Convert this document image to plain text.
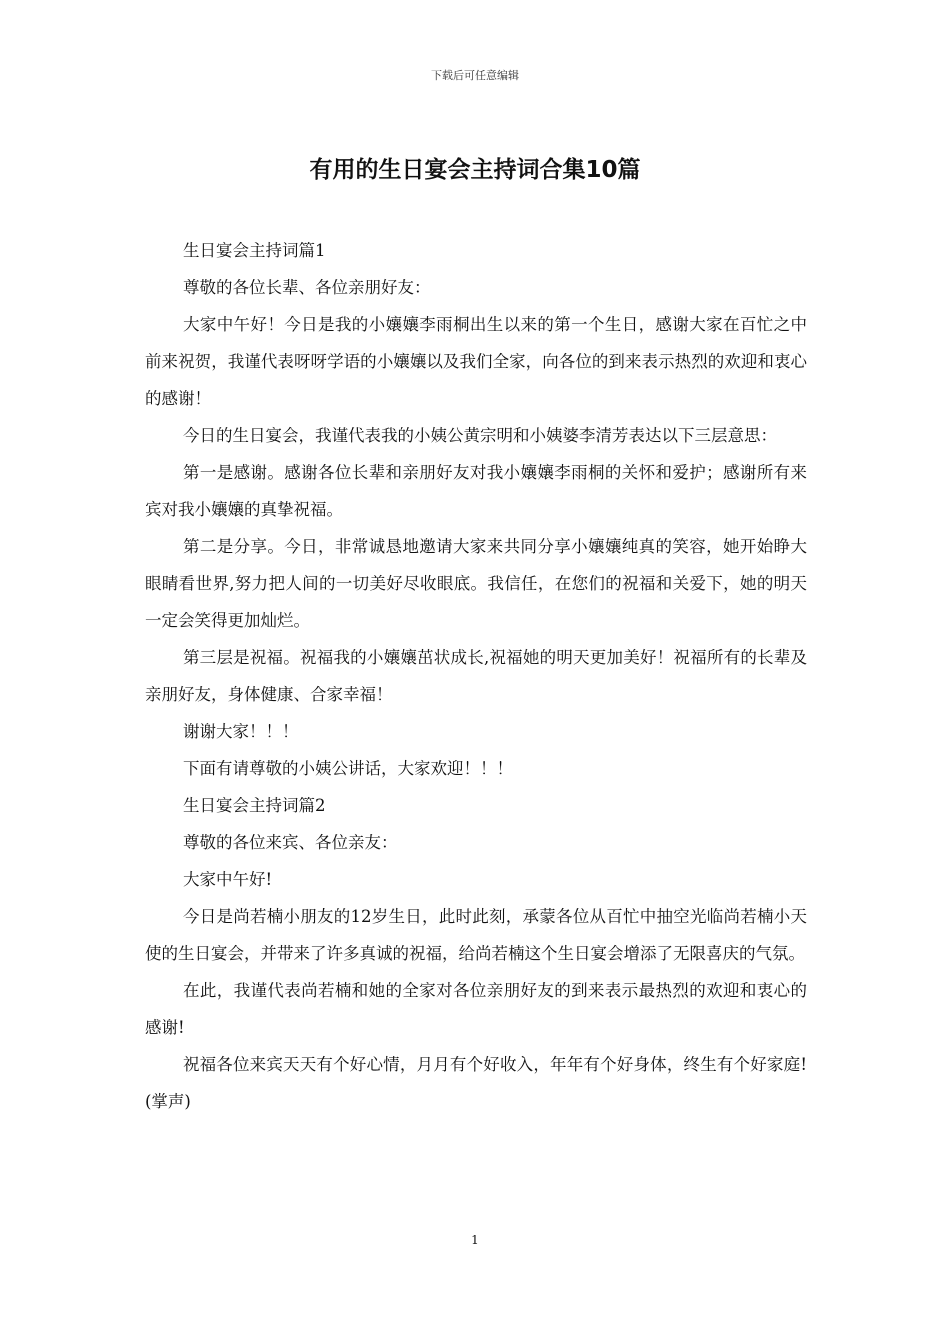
下载后可任意编辑
有用的生日宴会主持词合集10篇

生日宴会主持词篇1

尊敬的各位长辈、各位亲朋好友：

大家中午好！今日是我的小孃孃李雨桐出生以来的第一个生日，感谢大家在百忙之中前来祝贺，我谨代表呀呀学语的小孃孃以及我们全家，向各位的到来表示热烈的欢迎和衷心的感谢！

今日的生日宴会，我谨代表我的小姨公黄宗明和小姨婆李清芳表达以下三层意思：

第一是感谢。感谢各位长辈和亲朋好友对我小孃孃李雨桐的关怀和爱护；感谢所有来宾对我小孃孃的真挚祝福。

第二是分享。今日，非常诚恳地邀请大家来共同分享小孃孃纯真的笑容，她开始睁大眼睛看世界,努力把人间的一切美好尽收眼底。我信任，在您们的祝福和关爱下，她的明天一定会笑得更加灿烂。

第三层是祝福。祝福我的小孃孃茁状成长,祝福她的明天更加美好！祝福所有的长辈及亲朋好友，身体健康、合家幸福！

谢谢大家！！！

下面有请尊敬的小姨公讲话，大家欢迎！！！

生日宴会主持词篇2

尊敬的各位来宾、各位亲友：

大家中午好!

今日是尚若楠小朋友的12岁生日，此时此刻，承蒙各位从百忙中抽空光临尚若楠小天使的生日宴会，并带来了许多真诚的祝福，给尚若楠这个生日宴会增添了无限喜庆的气氛。

在此，我谨代表尚若楠和她的全家对各位亲朋好友的到来表示最热烈的欢迎和衷心的感谢!

祝福各位来宾天天有个好心情，月月有个好收入，年年有个好身体，终生有个好家庭!(掌声)

1
